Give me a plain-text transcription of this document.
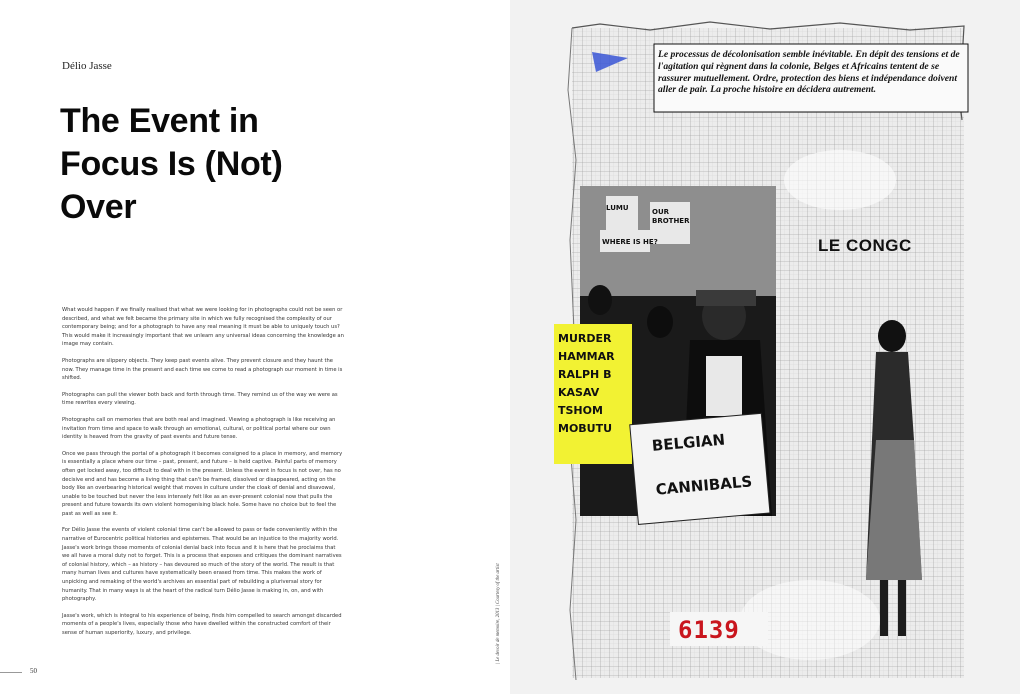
Délio Jasse
The Event in
Focus Is (Not)
Over

What would happen if we finally realised that what we were looking for in photographs could not be seen or described, and what we felt became the primary site in which we fully recognised the complexity of our contemporary being; and for a photograph to have any real meaning it must be able to uniquely touch us? This would make it increasingly important that we unlearn any universal ideas concerning the knowledge an image may contain.

Photographs are slippery objects. They keep past events alive. They prevent closure and they haunt the now. They manage time in the present and each time we come to read a photograph our moment in time is shifted.

Photographs can pull the viewer both back and forth through time. They remind us of the way we were as time rewrites every viewing.

Photographs call on memories that are both real and imagined. Viewing a photograph is like receiving an invitation from time and space to walk through an emotional, cultural, or political portal where our own identity is heaved from the gravity of past events and future tense.

Once we pass through the portal of a photograph it becomes consigned to a place in memory, and memory is essentially a place where our time – past, present, and future – is held captive. Painful parts of memory often get locked away, too difficult to deal with in the present. Unless the event in focus is not over, has no decisive end and has become a living thing that can't be framed, dissolved or disappeared, acting on the body like an overbearing historical weight that moves in culture under the cloak of denial and disavowal, unable to be touched but never the less intensely felt like as an ever-present colonial now that pulls the present and future towards its own violent homogenising black hole. Some have no choice but to feel the past as well as see it.

For Délio Jasse the events of violent colonial time can't be allowed to pass or fade conveniently within the narrative of Eurocentric political histories and epistemes. That would be an injustice to the majority world. Jasse's work brings those moments of colonial denial back into focus and it is here that he proclaims that we all have a moral duty not to forget. This is a process that exposes and critiques the dominant narratives of colonial history, which – as history – has devoured so much of the story of the world. The result is that many human lives and cultures have systematically been erased from time. This makes the work of unpicking and remaking of the world's archives an essential part of rebuilding a pluriversal story for humanity. That in many ways is at the heart of the radical turn Délio Jasse is making in, on, and with photography.

Jasse's work, which is integral to his experience of being, finds him compelled to search amongst discarded moments of a people's lives, especially those who have dwelled within the constructed comfort of their sense of human superiority, luxury, and privilege.

50
| Le devoir de memoire, 2013 | Courtesy of the artist
Le processus de décolonisation semble inévitable. En dépit des tensions et de l'agitation qui règnent dans la colonie, Belges et Africains tentent de se rassurer mutuellement. Ordre, protection des biens et indépendance doivent aller de pair. La proche histoire en décidera autrement.
LE CONGC
LUMU	OUR BROTHER
WHERE IS HE?
MURDER
HAMMAR
RALPH B
KASAV
TSHOM
MOBUTU
BELGIAN
CANNIBALS
6139
